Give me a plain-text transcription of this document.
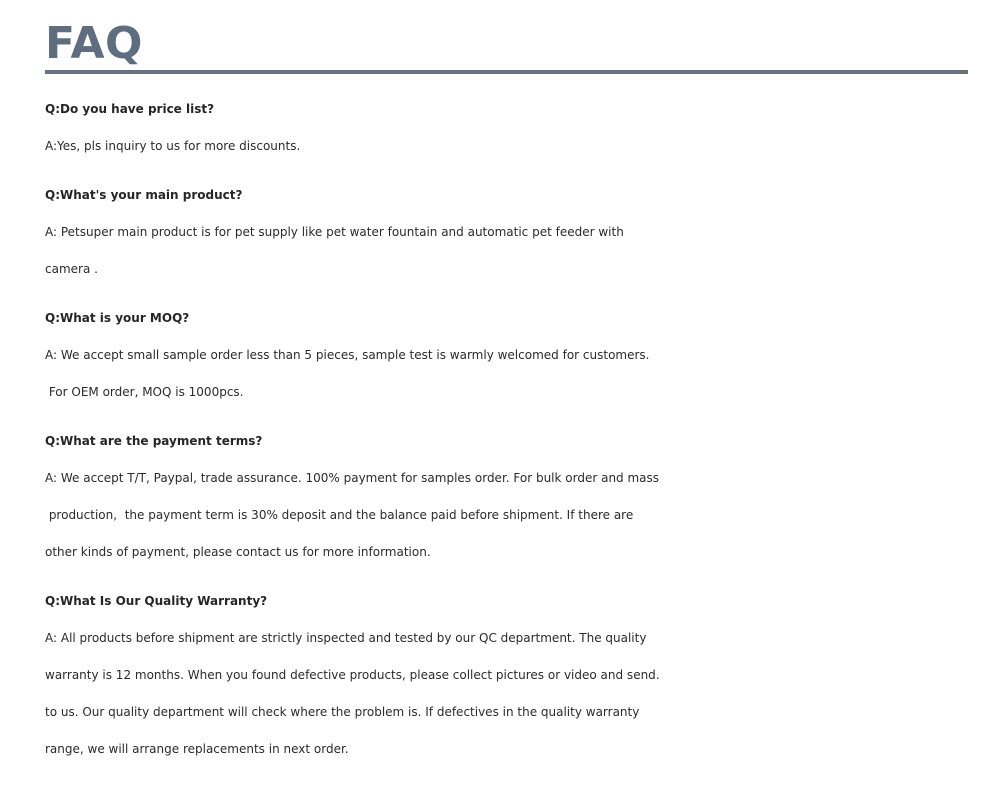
FAQ
Q:Do you have price list?
A:Yes, pls inquiry to us for more discounts.
Q:What's your main product?
A: Petsuper main product is for pet supply like pet water fountain and automatic pet feeder with
camera .
Q:What is your MOQ?
A: We accept small sample order less than 5 pieces, sample test is warmly welcomed for customers.
For OEM order, MOQ is 1000pcs.
Q:What are the payment terms?
A: We accept T/T, Paypal, trade assurance. 100% payment for samples order. For bulk order and mass
production,  the payment term is 30% deposit and the balance paid before shipment. If there are
other kinds of payment, please contact us for more information.
Q:What Is Our Quality Warranty?
A: All products before shipment are strictly inspected and tested by our QC department. The quality
warranty is 12 months. When you found defective products, please collect pictures or video and send.
to us. Our quality department will check where the problem is. If defectives in the quality warranty
range, we will arrange replacements in next order.
